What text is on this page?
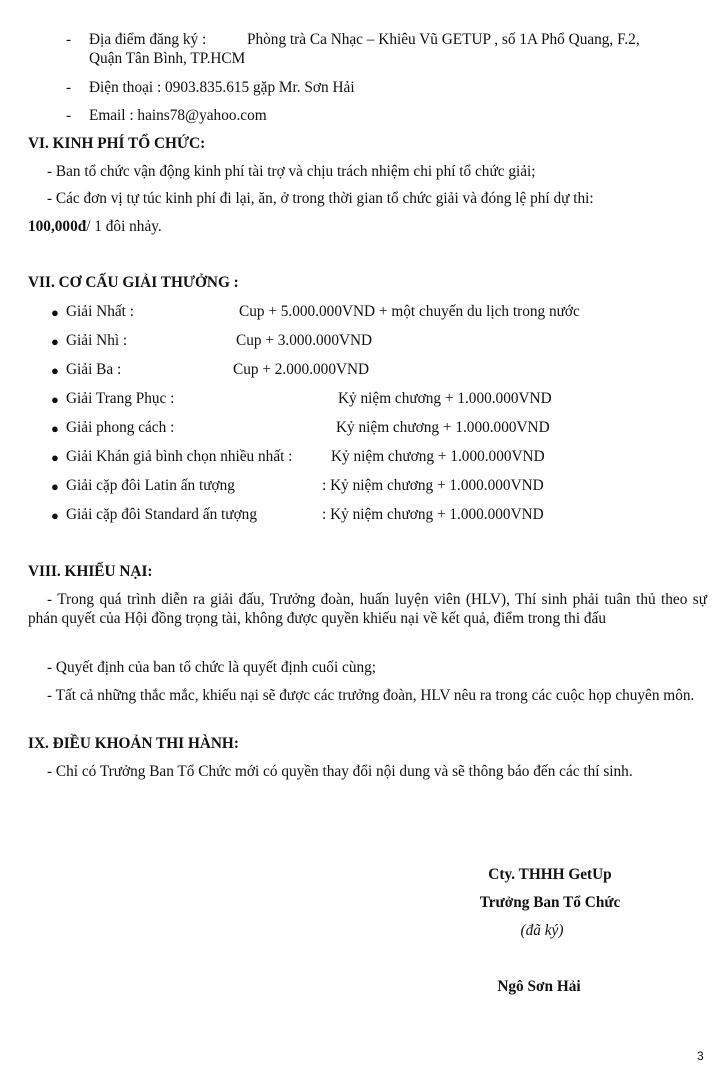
- Địa điểm đăng ký :	Phòng trà Ca Nhạc – Khiêu Vũ GETUP , số 1A Phổ Quang, F.2,
Quận Tân Bình, TP.HCM
- Điện thoại : 0903.835.615 gặp Mr. Sơn Hải
- Email : hains78@yahoo.com
VI. KINH PHÍ TỔ CHỨC:
- Ban tổ chức vận động kinh phí tài trợ và chịu trách nhiệm chi phí tổ chức giải;
- Các đơn vị tự túc kinh phí đi lại, ăn, ở trong thời gian tổ chức giải và đóng lệ phí dự thi:
100,000đ/ 1 đôi nhảy.
VII. CƠ CẤU GIẢI THƯỞNG :
● Giải Nhất :	Cup + 5.000.000VND + một chuyến du lịch trong nước
● Giải Nhì :	Cup + 3.000.000VND
● Giải Ba :	Cup + 2.000.000VND
● Giải Trang Phục :	Kỷ niệm chương + 1.000.000VND
● Giải phong cách :	Kỷ niệm chương + 1.000.000VND
● Giải Khán giả bình chọn nhiều nhất :	Kỷ niệm chương + 1.000.000VND
● Giải cặp đôi Latin ấn tượng	: Kỷ niệm chương + 1.000.000VND
● Giải cặp đôi Standard ấn tượng	: Kỷ niệm chương + 1.000.000VND
VIII. KHIẾU NẠI:
- Trong quá trình diễn ra giải đấu, Trưởng đoàn, huấn luyện viên (HLV), Thí sinh phải tuân thủ theo sự phán quyết của Hội đồng trọng tài, không được quyền khiếu nại về kết quả, điểm trong thi đấu
- Quyết định của ban tổ chức là quyết định cuối cùng;
- Tất cả những thắc mắc, khiếu nại sẽ được các trưởng đoàn, HLV nêu ra trong các cuộc họp chuyên môn.
IX. ĐIỀU KHOẢN THI HÀNH:
- Chỉ có Trưởng Ban Tổ Chức mới có quyền thay đổi nội dung và sẽ thông báo đến các thí sinh.
Cty. THHH GetUp
Trưởng Ban Tổ Chức
(đã ký)
Ngô Sơn Hải
3
